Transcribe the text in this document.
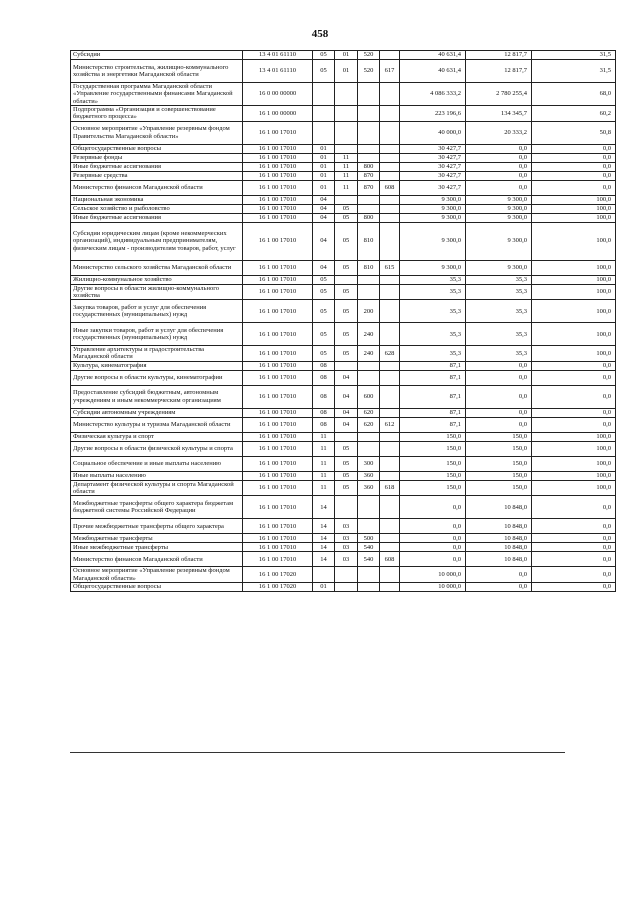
458
Субсидии	13 4 01 61110	05	01	520		40 631,4	12 817,7	31,5
Министерство строительства, жилищно-коммунального хозяйства и энергетики Магаданской области	13 4 01 61110	05	01	520	617	40 631,4	12 817,7	31,5
Государственная программа Магаданской области «Управление государственными финансами Магаданской области»	16 0 00 00000					4 086 333,2	2 780 255,4	68,0
Подпрограмма «Организация и совершенствование бюджетного процесса»	16 1 00 00000					223 196,6	134 345,7	60,2
Основное мероприятие «Управление резервным фондом Правительства Магаданской области»	16 1 00 17010					40 000,0	20 333,2	50,8
Общегосударственные вопросы	16 1 00 17010	01				30 427,7	0,0	0,0
Резервные фонды	16 1 00 17010	01	11			30 427,7	0,0	0,0
Иные бюджетные ассигнования	16 1 00 17010	01	11	800		30 427,7	0,0	0,0
Резервные средства	16 1 00 17010	01	11	870		30 427,7	0,0	0,0
Министерство финансов Магаданской области	16 1 00 17010	01	11	870	608	30 427,7	0,0	0,0
Национальная экономика	16 1 00 17010	04				9 300,0	9 300,0	100,0
Сельское хозяйство и рыболовство	16 1 00 17010	04	05			9 300,0	9 300,0	100,0
Иные бюджетные ассигнования	16 1 00 17010	04	05	800		9 300,0	9 300,0	100,0
Субсидии юридическим лицам (кроме некоммерческих организаций), индивидуальным предпринимателям, физическим лицам - производителям товаров, работ, услуг	16 1 00 17010	04	05	810		9 300,0	9 300,0	100,0
Министерство сельского хозяйства Магаданской области	16 1 00 17010	04	05	810	615	9 300,0	9 300,0	100,0
Жилищно-коммунальное хозяйство	16 1 00 17010	05				35,3	35,3	100,0
Другие вопросы в области жилищно-коммунального хозяйства	16 1 00 17010	05	05			35,3	35,3	100,0
Закупка товаров, работ и услуг для обеспечения государственных (муниципальных) нужд	16 1 00 17010	05	05	200		35,3	35,3	100,0
Иные закупки товаров, работ и услуг для обеспечения государственных (муниципальных) нужд	16 1 00 17010	05	05	240		35,3	35,3	100,0
Управление архитектуры и градостроительства Магаданской области	16 1 00 17010	05	05	240	628	35,3	35,3	100,0
Культура, кинематография	16 1 00 17010	08				87,1	0,0	0,0
Другие вопросы в области культуры, кинематографии	16 1 00 17010	08	04			87,1	0,0	0,0
Предоставление субсидий бюджетным, автономным учреждениям и иным некоммерческим организациям	16 1 00 17010	08	04	600		87,1	0,0	0,0
Субсидии автономным учреждениям	16 1 00 17010	08	04	620		87,1	0,0	0,0
Министерство культуры и туризма Магаданской области	16 1 00 17010	08	04	620	612	87,1	0,0	0,0
Физическая культура и спорт	16 1 00 17010	11				150,0	150,0	100,0
Другие вопросы в области физической культуры и спорта	16 1 00 17010	11	05			150,0	150,0	100,0
Социальное обеспечение и иные выплаты населению	16 1 00 17010	11	05	300		150,0	150,0	100,0
Иные выплаты населению	16 1 00 17010	11	05	360		150,0	150,0	100,0
Департамент физической культуры и спорта Магаданской области	16 1 00 17010	11	05	360	618	150,0	150,0	100,0
Межбюджетные трансферты общего характера бюджетам бюджетной системы Российской Федерации	16 1 00 17010	14				0,0	10 848,0	0,0
Прочие межбюджетные трансферты общего характера	16 1 00 17010	14	03			0,0	10 848,0	0,0
Межбюджетные трансферты	16 1 00 17010	14	03	500		0,0	10 848,0	0,0
Иные межбюджетные трансферты	16 1 00 17010	14	03	540		0,0	10 848,0	0,0
Министерство финансов Магаданской области	16 1 00 17010	14	03	540	608	0,0	10 848,0	0,0
Основное мероприятие «Управление резервным фондом Магаданской области»	16 1 00 17020					10 000,0	0,0	0,0
Общегосударственные вопросы	16 1 00 17020	01				10 000,0	0,0	0,0
